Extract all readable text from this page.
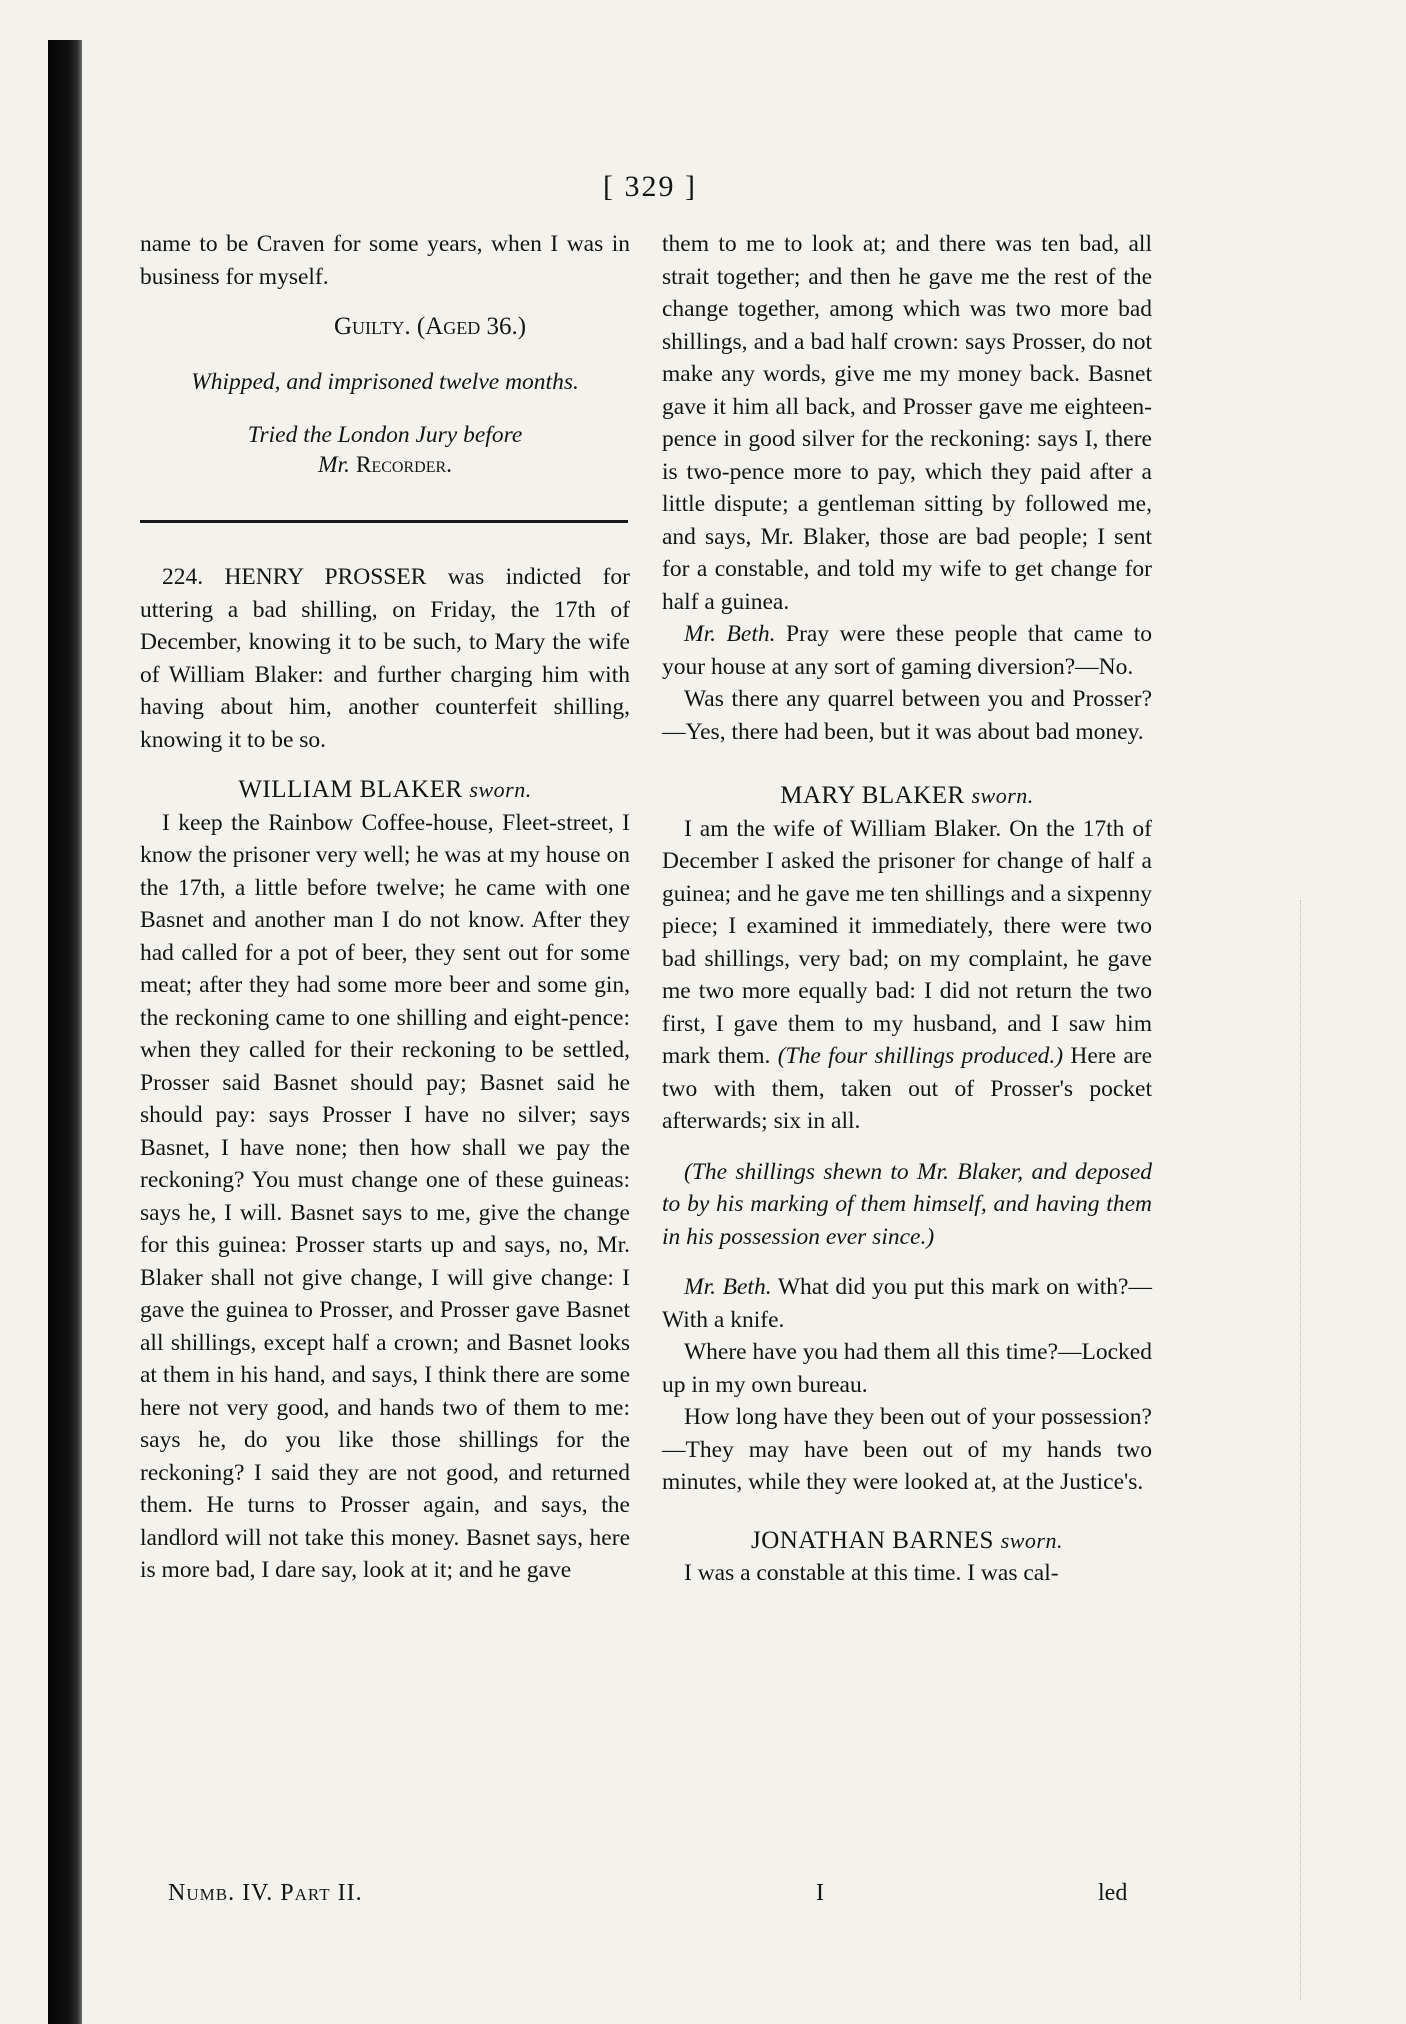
[ 329 ]

name to be Craven for some years, when I was in business for myself.

Guilty. (Aged 36.)

Whipped, and imprisoned twelve months.

Tried the London Jury before
Mr. Recorder.

224. HENRY PROSSER was indicted for uttering a bad shilling, on Friday, the 17th of December, knowing it to be such, to Mary the wife of William Blaker: and further charging him with having about him, another counterfeit shilling, knowing it to be so.

WILLIAM BLAKER sworn.

I keep the Rainbow Coffee-house, Fleet-street, I know the prisoner very well; he was at my house on the 17th, a little before twelve; he came with one Basnet and another man I do not know. After they had called for a pot of beer, they sent out for some meat; after they had some more beer and some gin, the reckoning came to one shilling and eight-pence: when they called for their reckoning to be settled, Prosser said Basnet should pay; Basnet said he should pay: says Prosser I have no silver; says Basnet, I have none; then how shall we pay the reckoning? You must change one of these guineas: says he, I will. Basnet says to me, give the change for this guinea: Prosser starts up and says, no, Mr. Blaker shall not give change, I will give change: I gave the guinea to Prosser, and Prosser gave Basnet all shillings, except half a crown; and Basnet looks at them in his hand, and says, I think there are some here not very good, and hands two of them to me: says he, do you like those shillings for the reckoning? I said they are not good, and returned them. He turns to Prosser again, and says, the landlord will not take this money. Basnet says, here is more bad, I dare say, look at it; and he gave

them to me to look at; and there was ten bad, all strait together; and then he gave me the rest of the change together, among which was two more bad shillings, and a bad half crown: says Prosser, do not make any words, give me my money back. Basnet gave it him all back, and Prosser gave me eighteen-pence in good silver for the reckoning: says I, there is two-pence more to pay, which they paid after a little dispute; a gentleman sitting by followed me, and says, Mr. Blaker, those are bad people; I sent for a constable, and told my wife to get change for half a guinea.

Mr. Beth. Pray were these people that came to your house at any sort of gaming diversion?—No.

Was there any quarrel between you and Prosser?—Yes, there had been, but it was about bad money.

MARY BLAKER sworn.

I am the wife of William Blaker. On the 17th of December I asked the prisoner for change of half a guinea; and he gave me ten shillings and a sixpenny piece; I examined it immediately, there were two bad shillings, very bad; on my complaint, he gave me two more equally bad: I did not return the two first, I gave them to my husband, and I saw him mark them. (The four shillings produced.) Here are two with them, taken out of Prosser's pocket afterwards; six in all.

(The shillings shewn to Mr. Blaker, and deposed to by his marking of them himself, and having them in his possession ever since.)

Mr. Beth. What did you put this mark on with?—With a knife.

Where have you had them all this time?—Locked up in my own bureau.

How long have they been out of your possession?—They may have been out of my hands two minutes, while they were looked at, at the Justice's.

JONATHAN BARNES sworn.

I was a constable at this time. I was cal-

Numb. IV. Part II.	I	led
